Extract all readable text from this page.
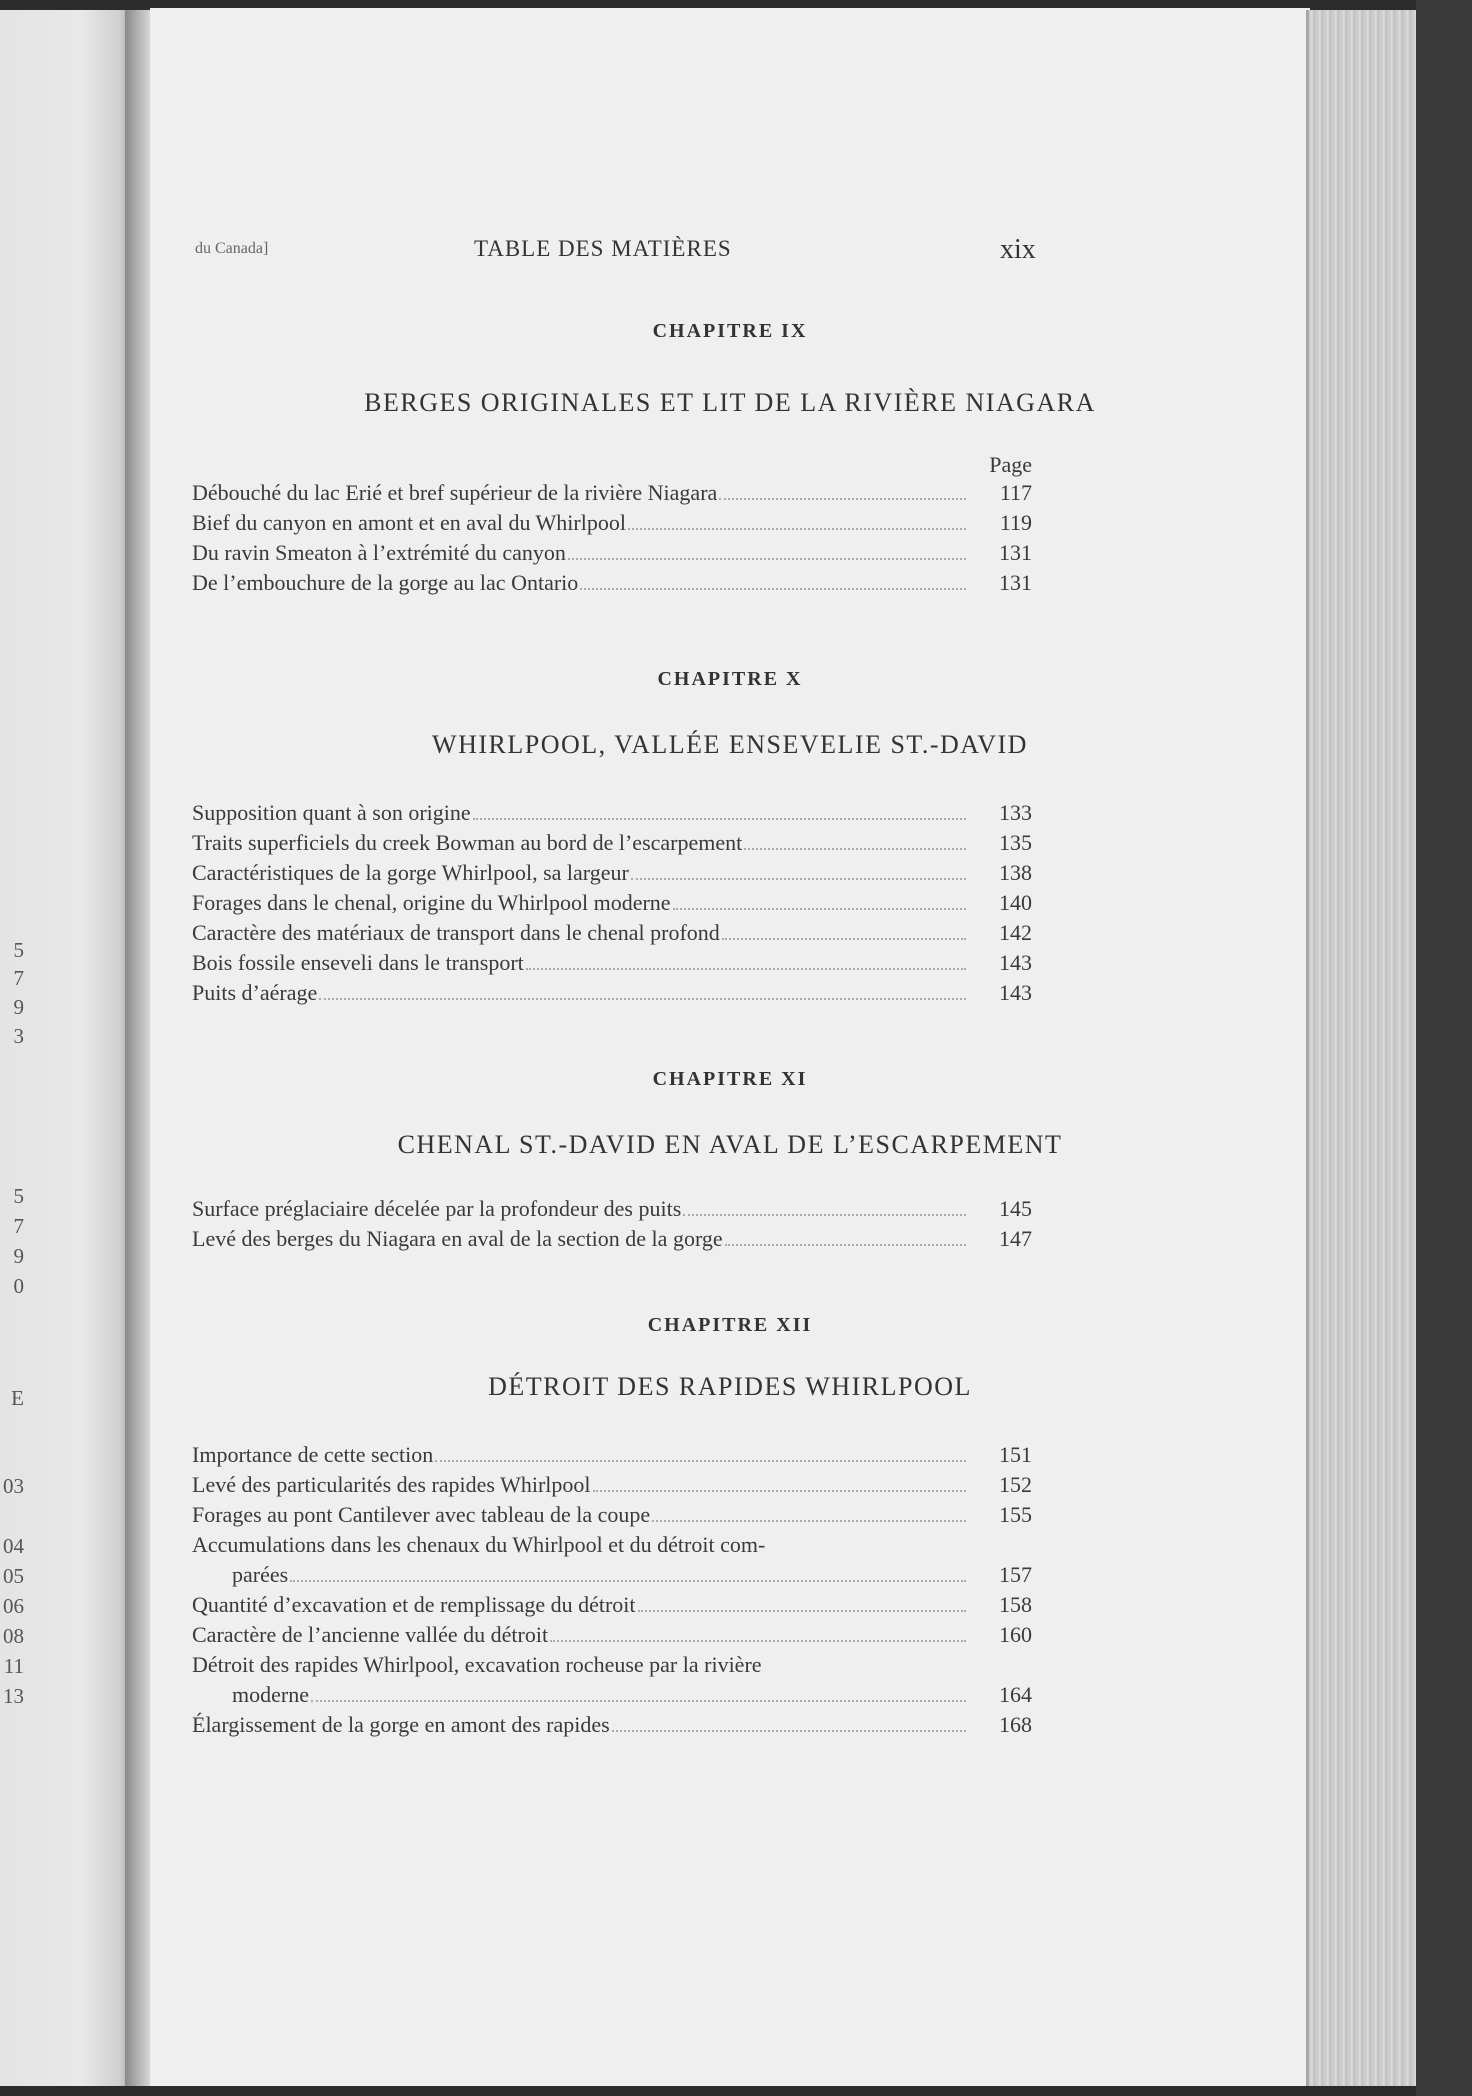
5
7
9
3
5
7
9
0
E
03
04
05
06
08
11
13
du Canada]	TABLE DES MATIÈRES	xix
CHAPITRE IX
BERGES ORIGINALES ET LIT DE LA RIVIÈRE NIAGARA
Page
Débouché du lac Erié et bref supérieur de la rivière Niagara	117
Bief du canyon en amont et en aval du Whirlpool	119
Du ravin Smeaton à l’extrémité du canyon	131
De l’embouchure de la gorge au lac Ontario	131
CHAPITRE X
WHIRLPOOL, VALLÉE ENSEVELIE ST.-DAVID
Supposition quant à son origine	133
Traits superficiels du creek Bowman au bord de l’escarpement	135
Caractéristiques de la gorge Whirlpool, sa largeur	138
Forages dans le chenal, origine du Whirlpool moderne	140
Caractère des matériaux de transport dans le chenal profond	142
Bois fossile enseveli dans le transport	143
Puits d’aérage	143
CHAPITRE XI
CHENAL ST.-DAVID EN AVAL DE L’ESCARPEMENT
Surface préglaciaire décelée par la profondeur des puits	145
Levé des berges du Niagara en aval de la section de la gorge	147
CHAPITRE XII
DÉTROIT DES RAPIDES WHIRLPOOL
Importance de cette section	151
Levé des particularités des rapides Whirlpool	152
Forages au pont Cantilever avec tableau de la coupe	155
Accumulations dans les chenaux du Whirlpool et du détroit com-
parées	157
Quantité d’excavation et de remplissage du détroit	158
Caractère de l’ancienne vallée du détroit	160
Détroit des rapides Whirlpool, excavation rocheuse par la rivière
moderne	164
Élargissement de la gorge en amont des rapides	168
